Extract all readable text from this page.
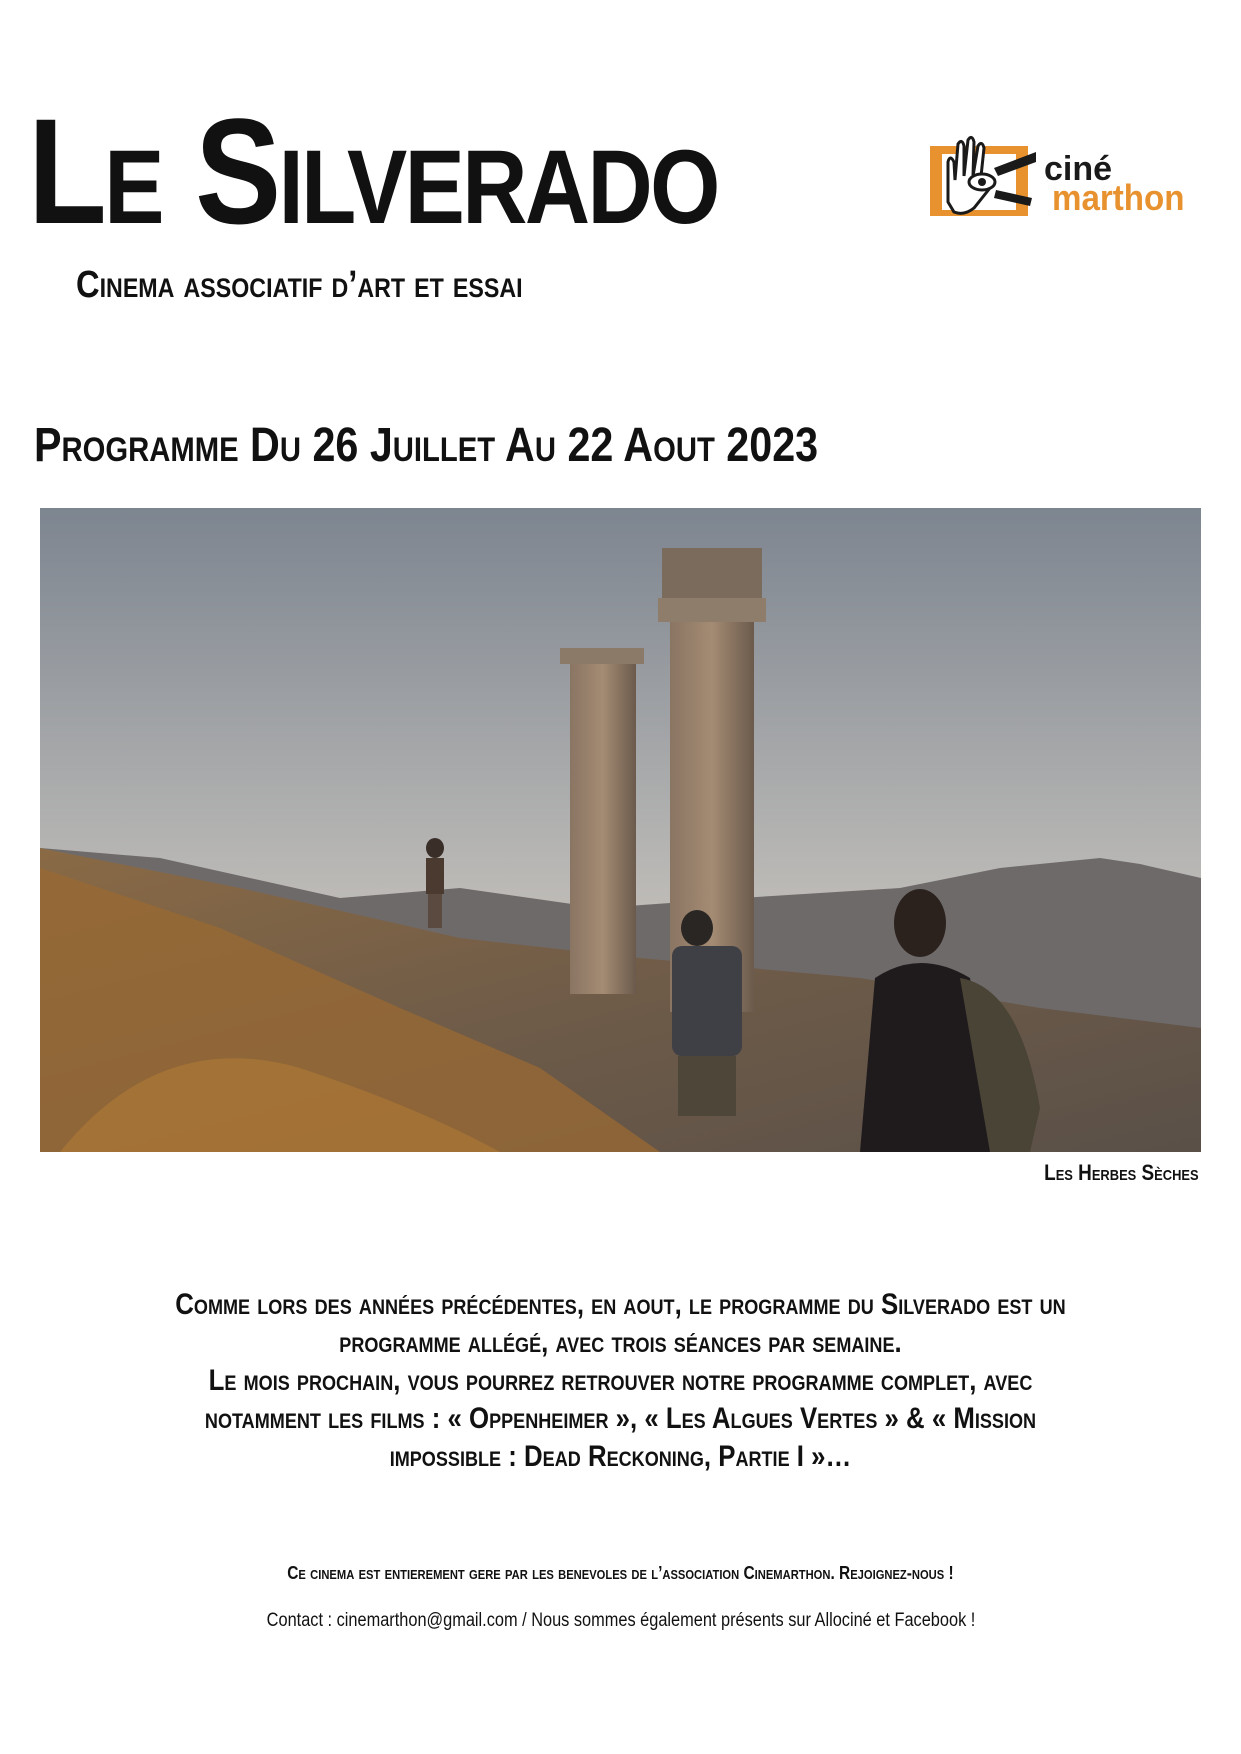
Le Silverado	ciné
marthon
Cinema associatif d’art et essai
Programme Du 26 Juillet Au 22 Aout 2023

Les Herbes Sèches

Comme lors des années précédentes, en aout, le programme du Silverado est un
programme allégé, avec trois séances par semaine.
Le mois prochain, vous pourrez retrouver notre programme complet, avec
notamment les films : « Oppenheimer », « Les Algues Vertes » & « Mission
impossible : Dead Reckoning, Partie I »…
Ce cinema est entierement gere par les benevoles de l’association Cinemarthon. Rejoignez-nous !
Contact : cinemarthon@gmail.com / Nous sommes également présents sur Allociné et Facebook !
